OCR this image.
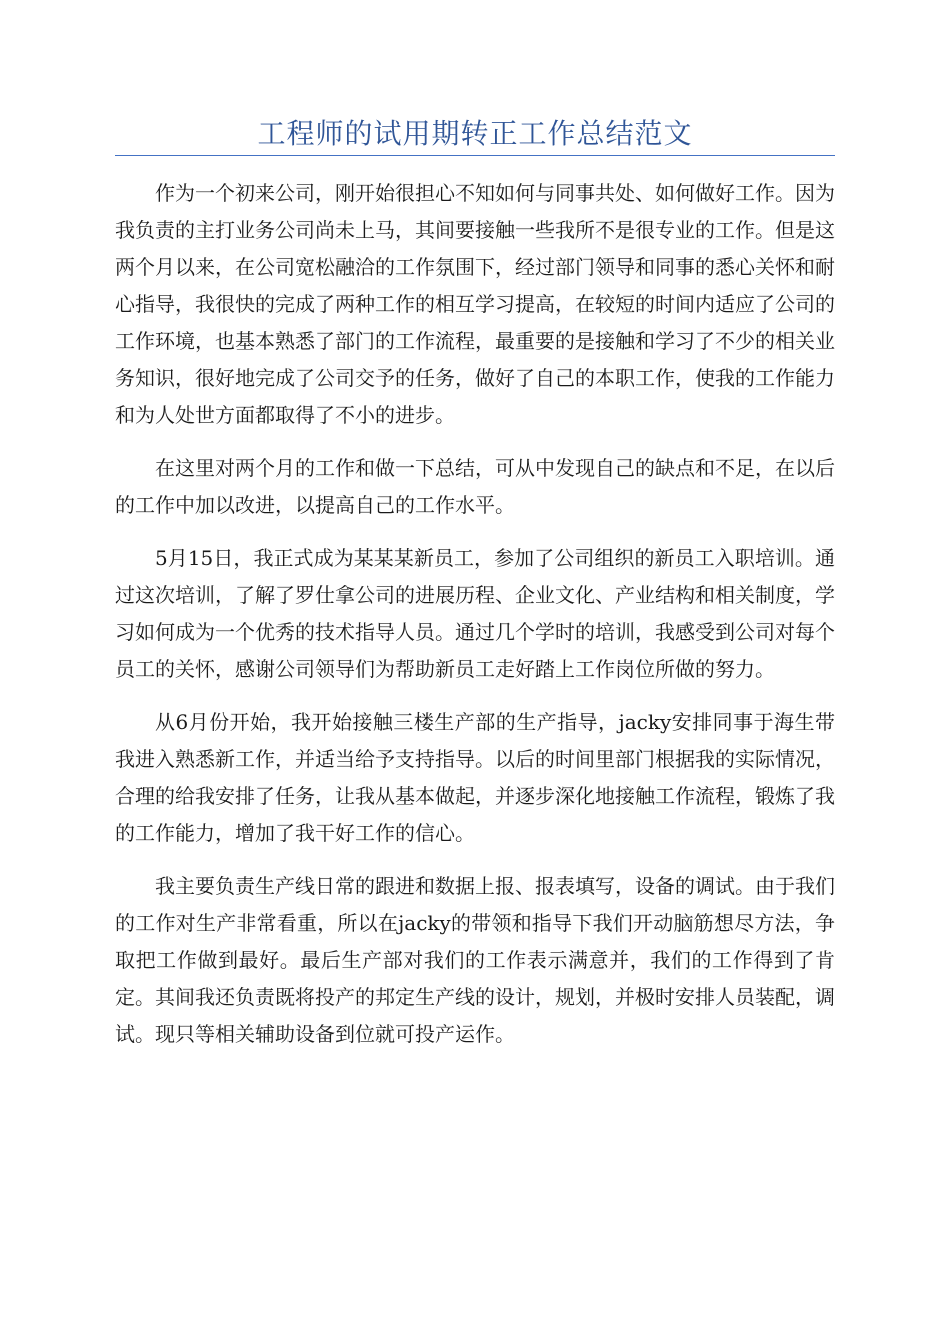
工程师的试用期转正工作总结范文

作为一个初来公司，刚开始很担心不知如何与同事共处、如何做好工作。因为我负责的主打业务公司尚未上马，其间要接触一些我所不是很专业的工作。但是这两个月以来，在公司宽松融洽的工作氛围下，经过部门领导和同事的悉心关怀和耐心指导，我很快的完成了两种工作的相互学习提高，在较短的时间内适应了公司的工作环境，也基本熟悉了部门的工作流程，最重要的是接触和学习了不少的相关业务知识，很好地完成了公司交予的任务，做好了自己的本职工作，使我的工作能力和为人处世方面都取得了不小的进步。

在这里对两个月的工作和做一下总结，可从中发现自己的缺点和不足，在以后的工作中加以改进，以提高自己的工作水平。

5月15日，我正式成为某某某新员工，参加了公司组织的新员工入职培训。通过这次培训，了解了罗仕拿公司的进展历程、企业文化、产业结构和相关制度，学习如何成为一个优秀的技术指导人员。通过几个学时的培训，我感受到公司对每个员工的关怀，感谢公司领导们为帮助新员工走好踏上工作岗位所做的努力。

从6月份开始，我开始接触三楼生产部的生产指导，jacky安排同事于海生带我进入熟悉新工作，并适当给予支持指导。以后的时间里部门根据我的实际情况，合理的给我安排了任务，让我从基本做起，并逐步深化地接触工作流程，锻炼了我的工作能力，增加了我干好工作的信心。

我主要负责生产线日常的跟进和数据上报、报表填写，设备的调试。由于我们的工作对生产非常看重，所以在jacky的带领和指导下我们开动脑筋想尽方法，争取把工作做到最好。最后生产部对我们的工作表示满意并，我们的工作得到了肯定。其间我还负责既将投产的邦定生产线的设计，规划，并极时安排人员装配，调试。现只等相关辅助设备到位就可投产运作。
